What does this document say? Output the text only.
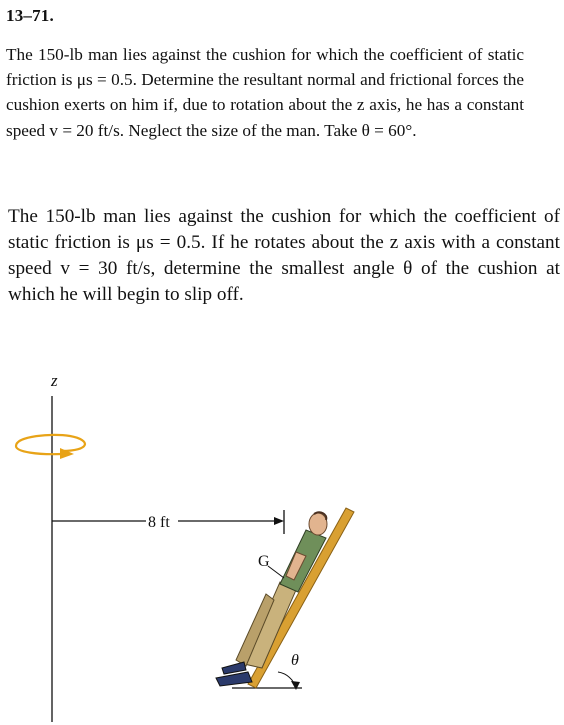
13–71.

The 150-lb man lies against the cushion for which the coefficient of static friction is μs = 0.5. Determine the resultant normal and frictional forces the cushion exerts on him if, due to rotation about the z axis, he has a constant speed v = 20 ft/s. Neglect the size of the man. Take θ = 60°.

The 150-lb man lies against the cushion for which the coefficient of static friction is μs = 0.5. If he rotates about the z axis with a constant speed v = 30 ft/s, determine the smallest angle θ of the cushion at which he will begin to slip off.

z
8 ft
θ
G
